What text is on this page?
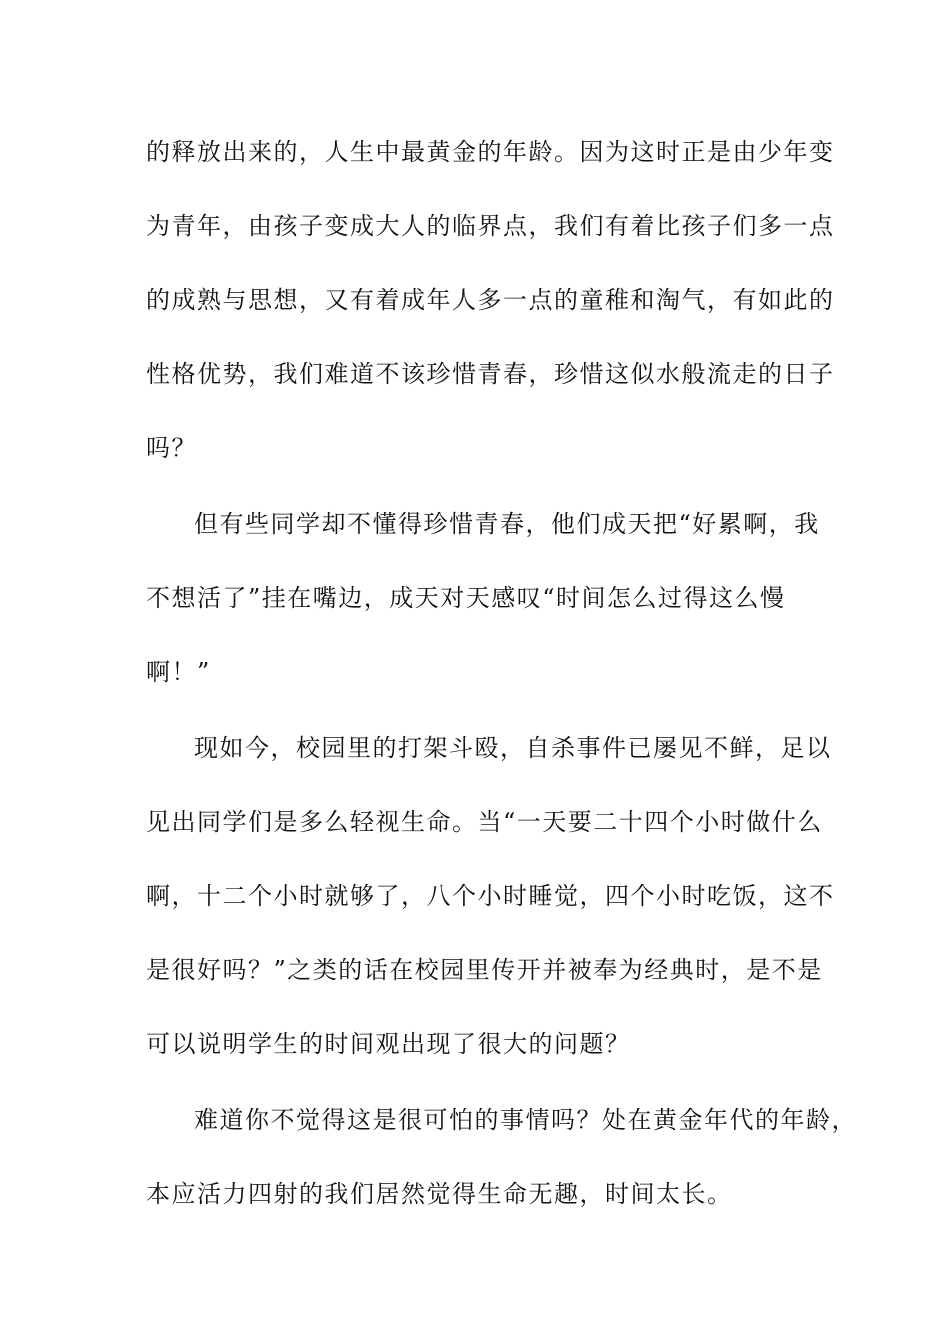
的释放出来的，人生中最黄金的年龄。因为这时正是由少年变
为青年，由孩子变成大人的临界点，我们有着比孩子们多一点
的成熟与思想，又有着成年人多一点的童稚和淘气，有如此的
性格优势，我们难道不该珍惜青春，珍惜这似水般流走的日子
吗？
但有些同学却不懂得珍惜青春，他们成天把“好累啊，我
不想活了”挂在嘴边，成天对天感叹“时间怎么过得这么慢
啊！”
现如今，校园里的打架斗殴，自杀事件已屡见不鲜，足以
见出同学们是多么轻视生命。当“一天要二十四个小时做什么
啊，十二个小时就够了，八个小时睡觉，四个小时吃饭，这不
是很好吗？”之类的话在校园里传开并被奉为经典时，是不是
可以说明学生的时间观出现了很大的问题？
难道你不觉得这是很可怕的事情吗？处在黄金年代的年龄，
本应活力四射的我们居然觉得生命无趣，时间太长。
